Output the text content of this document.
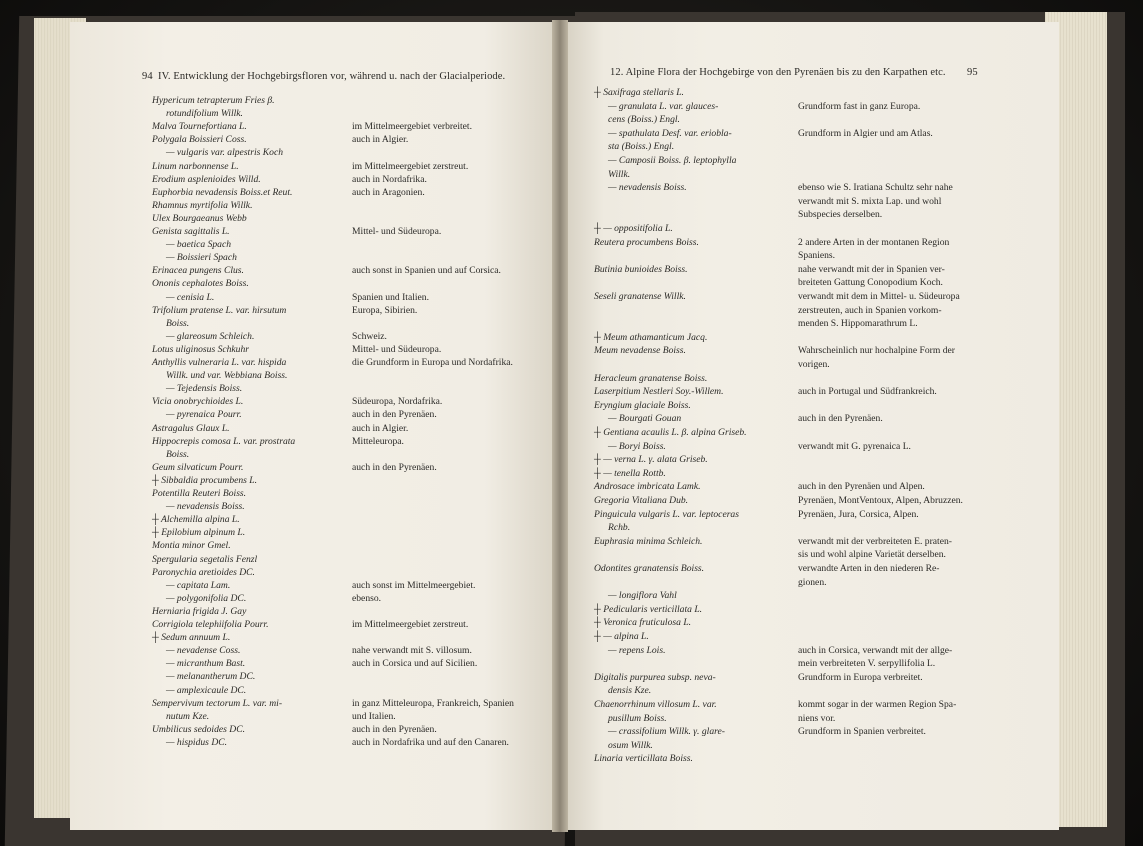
94 IV. Entwicklung der Hochgebirgsfloren vor, während u. nach der Glacialperiode.
Hypericum tetrapterum Fries β.
rotundifolium Willk.
Malva Tournefortiana L.	im Mittelmeergebiet verbreitet.
Polygala Boissieri Coss.	auch in Algier.
— vulgaris var. alpestris Koch
Linum narbonnense L.	im Mittelmeergebiet zerstreut.
Erodium asplenioides Willd.	auch in Nordafrika.
Euphorbia nevadensis Boiss.et Reut.	auch in Aragonien.
Rhamnus myrtifolia Willk.
Ulex Bourgaeanus Webb
Genista sagittalis L.	Mittel- und Südeuropa.
— baetica Spach
— Boissieri Spach
Erinacea pungens Clus.	auch sonst in Spanien und auf Corsica.
Ononis cephalotes Boiss.
— cenisia L.	Spanien und Italien.
Trifolium pratense L. var. hirsutum	Europa, Sibirien.
Boiss.
— glareosum Schleich.	Schweiz.
Lotus uliginosus Schkuhr	Mittel- und Südeuropa.
Anthyllis vulneraria L. var. hispida	die Grundform in Europa und Nordafrika.
Willk. und var. Webbiana Boiss.
— Tejedensis Boiss.
Vicia onobrychioides L.	Südeuropa, Nordafrika.
— pyrenaica Pourr.	auch in den Pyrenäen.
Astragalus Glaux L.	auch in Algier.
Hippocrepis comosa L. var. prostrata	Mitteleuropa.
Boiss.
Geum silvaticum Pourr.	auch in den Pyrenäen.
┼ Sibbaldia procumbens L.
Potentilla Reuteri Boiss.
— nevadensis Boiss.
┼ Alchemilla alpina L.
┼ Epilobium alpinum L.
Montia minor Gmel.
Spergularia segetalis Fenzl
Paronychia aretioides DC.
— capitata Lam.	auch sonst im Mittelmeergebiet.
— polygonifolia DC.	ebenso.
Herniaria frigida J. Gay
Corrigiola telephiifolia Pourr.	im Mittelmeergebiet zerstreut.
┼ Sedum annuum L.
— nevadense Coss.	nahe verwandt mit S. villosum.
— micranthum Bast.	auch in Corsica und auf Sicilien.
— melanantherum DC.
— amplexicaule DC.
Sempervivum tectorum L. var. mi-	in ganz Mitteleuropa, Frankreich, Spanien
nutum Kze.	und Italien.
Umbilicus sedoides DC.	auch in den Pyrenäen.
— hispidus DC.	auch in Nordafrika und auf den Canaren.
12. Alpine Flora der Hochgebirge von den Pyrenäen bis zu den Karpathen etc. 95
┼ Saxifraga stellaris L.
— granulata L. var. glauces-	Grundform fast in ganz Europa.
cens (Boiss.) Engl.
— spathulata Desf. var. eriobla-	Grundform in Algier und am Atlas.
sta (Boiss.) Engl.
— Camposii Boiss. β. leptophylla
Willk.
— nevadensis Boiss.	ebenso wie S. Iratiana Schultz sehr nahe
verwandt mit S. mixta Lap. und wohl
Subspecies derselben.
┼ — oppositifolia L.
Reutera procumbens Boiss.	2 andere Arten in der montanen Region
Spaniens.
Butinia bunioides Boiss.	nahe verwandt mit der in Spanien ver-
breiteten Gattung Conopodium Koch.
Seseli granatense Willk.	verwandt mit dem in Mittel- u. Südeuropa
zerstreuten, auch in Spanien vorkom-
menden S. Hippomarathrum L.
┼ Meum athamanticum Jacq.
Meum nevadense Boiss.	Wahrscheinlich nur hochalpine Form der
vorigen.
Heracleum granatense Boiss.
Laserpitium Nestleri Soy.-Willem.	auch in Portugal und Südfrankreich.
Eryngium glaciale Boiss.
— Bourgati Gouan	auch in den Pyrenäen.
┼ Gentiana acaulis L. β. alpina Griseb.
— Boryi Boiss.	verwandt mit G. pyrenaica L.
┼ — verna L. γ. alata Griseb.
┼ — tenella Rottb.
Androsace imbricata Lamk.	auch in den Pyrenäen und Alpen.
Gregoria Vitaliana Dub.	Pyrenäen, MontVentoux, Alpen, Abruzzen.
Pinguicula vulgaris L. var. leptoceras	Pyrenäen, Jura, Corsica, Alpen.
Rchb.
Euphrasia minima Schleich.	verwandt mit der verbreiteten E. praten-
sis und wohl alpine Varietät derselben.
Odontites granatensis Boiss.	verwandte Arten in den niederen Re-
gionen.
— longiflora Vahl
┼ Pedicularis verticillata L.
┼ Veronica fruticulosa L.
┼ — alpina L.
— repens Lois.	auch in Corsica, verwandt mit der allge-
mein verbreiteten V. serpyllifolia L.
Digitalis purpurea subsp. neva-	Grundform in Europa verbreitet.
densis Kze.
Chaenorrhinum villosum L. var.	kommt sogar in der warmen Region Spa-
pusillum Boiss.	niens vor.
— crassifolium Willk. γ. glare-	Grundform in Spanien verbreitet.
osum Willk.
Linaria verticillata Boiss.
